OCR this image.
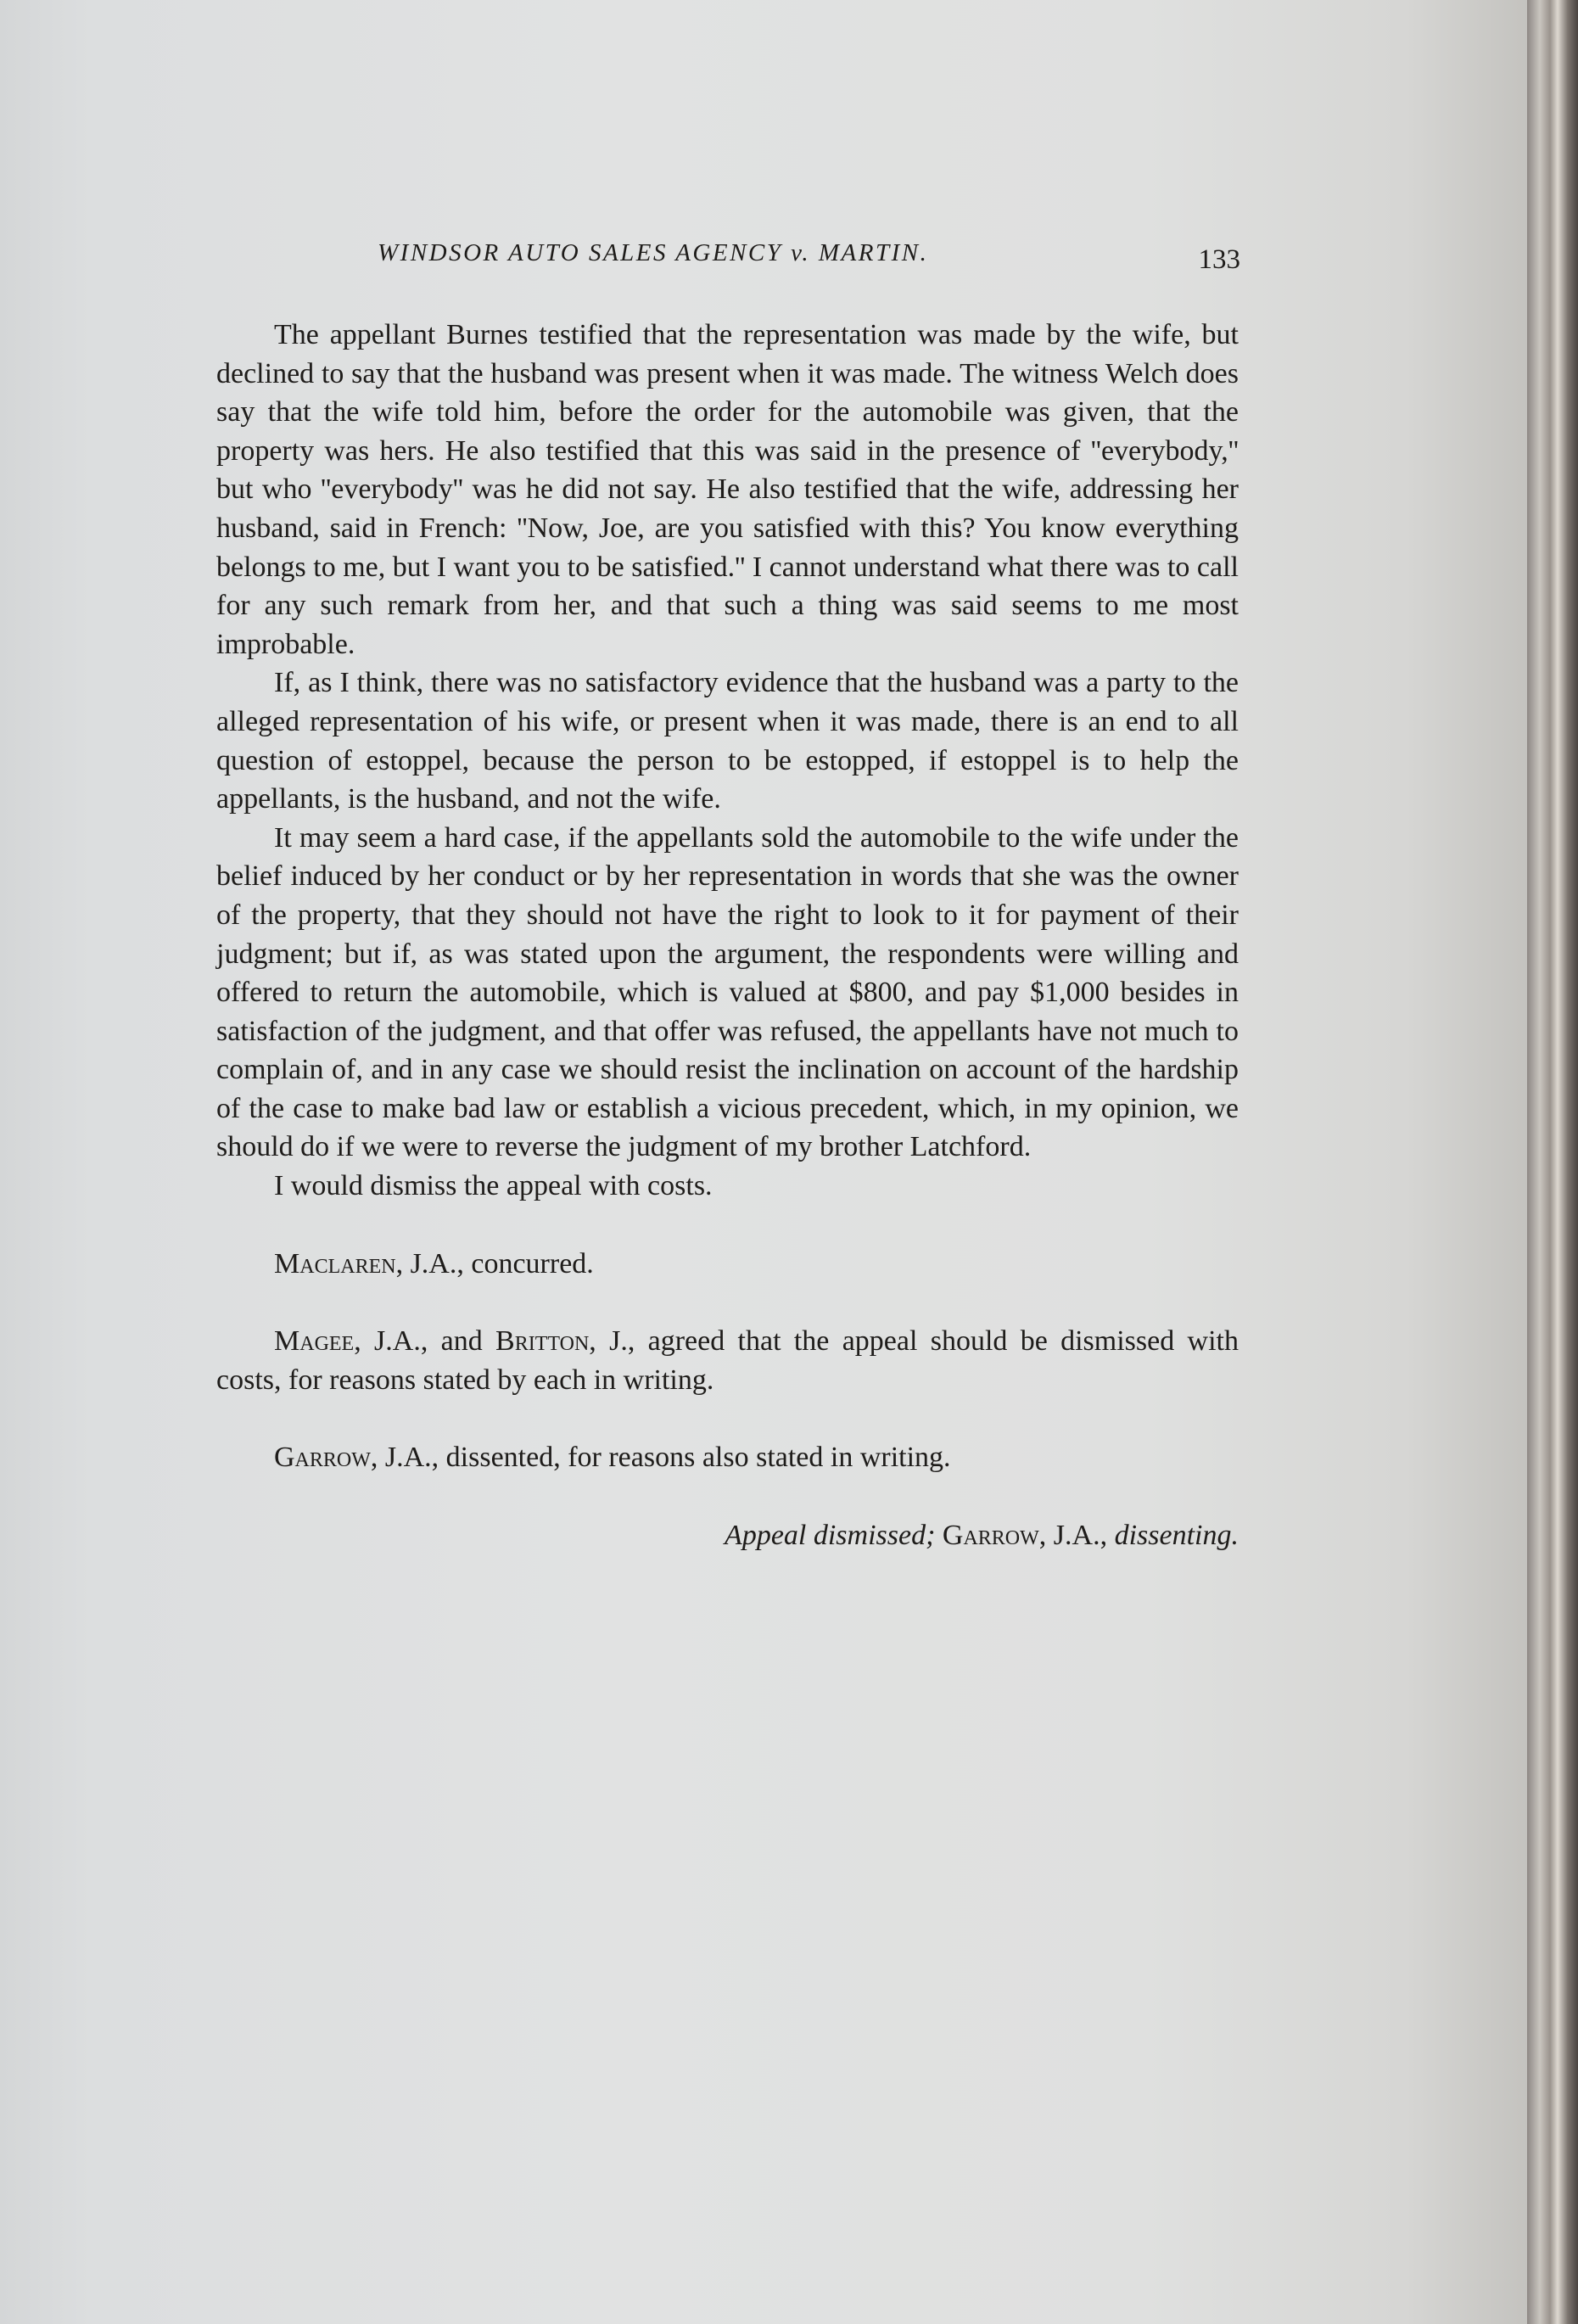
WINDSOR AUTO SALES AGENCY v. MARTIN.	133

The appellant Burnes testified that the representation was made by the wife, but declined to say that the husband was present when it was made. The witness Welch does say that the wife told him, before the order for the automobile was given, that the property was hers. He also testified that this was said in the presence of ''everybody,'' but who ''everybody'' was he did not say. He also testified that the wife, addressing her husband, said in French: ''Now, Joe, are you satisfied with this? You know everything belongs to me, but I want you to be satisfied.'' I cannot understand what there was to call for any such remark from her, and that such a thing was said seems to me most improbable.

If, as I think, there was no satisfactory evidence that the husband was a party to the alleged representation of his wife, or present when it was made, there is an end to all question of estoppel, because the person to be estopped, if estoppel is to help the appellants, is the husband, and not the wife.

It may seem a hard case, if the appellants sold the automobile to the wife under the belief induced by her conduct or by her representation in words that she was the owner of the property, that they should not have the right to look to it for payment of their judgment; but if, as was stated upon the argument, the respondents were willing and offered to return the automobile, which is valued at $800, and pay $1,000 besides in satisfaction of the judgment, and that offer was refused, the appellants have not much to complain of, and in any case we should resist the inclination on account of the hardship of the case to make bad law or establish a vicious precedent, which, in my opinion, we should do if we were to reverse the judgment of my brother Latchford.

I would dismiss the appeal with costs.

Maclaren, J.A., concurred.

Magee, J.A., and Britton, J., agreed that the appeal should be dismissed with costs, for reasons stated by each in writing.

Garrow, J.A., dissented, for reasons also stated in writing.

Appeal dismissed; Garrow, J.A., dissenting.
